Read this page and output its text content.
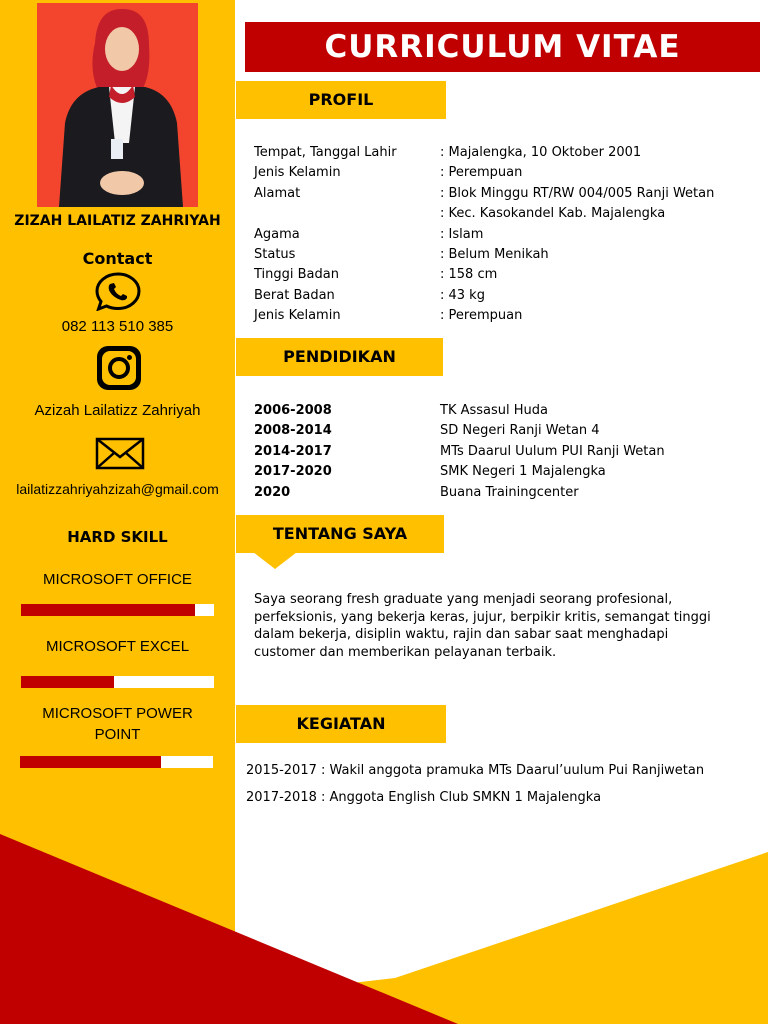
ZIZAH LAILATIZ ZAHRIYAH
Contact
082 113 510 385
Azizah Lailatizz Zahriyah
lailatizzahriyahzizah@gmail.com
HARD SKILL
MICROSOFT OFFICE
MICROSOFT EXCEL
MICROSOFT POWER POINT
CURRICULUM VITAE
PROFIL
Tempat, Tanggal Lahir	: Majalengka, 10 Oktober 2001
Jenis Kelamin	: Perempuan
Alamat	: Blok Minggu RT/RW 004/005 Ranji Wetan
: Kec. Kasokandel Kab. Majalengka
Agama	: Islam
Status	: Belum Menikah
Tinggi Badan	: 158 cm
Berat Badan	: 43 kg
Jenis Kelamin	: Perempuan
PENDIDIKAN
2006-2008	TK Assasul Huda
2008-2014	SD Negeri Ranji Wetan 4
2014-2017	MTs Daarul Uulum PUI Ranji Wetan
2017-2020	SMK Negeri 1 Majalengka
2020	Buana Trainingcenter
TENTANG SAYA
Saya seorang fresh graduate yang menjadi seorang profesional, perfeksionis, yang bekerja keras, jujur, berpikir kritis, semangat tinggi dalam bekerja, disiplin waktu, rajin dan sabar saat menghadapi customer dan memberikan pelayanan terbaik.
KEGIATAN
2015-2017 : Wakil anggota pramuka MTs Daarul’uulum Pui Ranjiwetan
2017-2018 : Anggota English Club SMKN 1 Majalengka
